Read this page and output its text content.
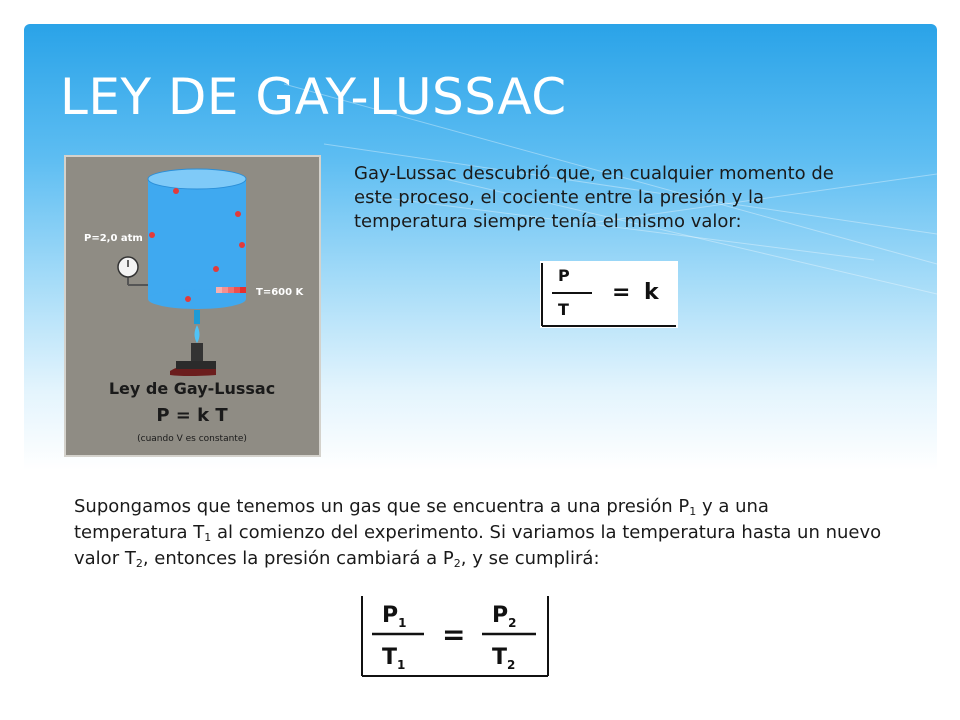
LEY DE GAY-LUSSAC
P=2,0 atm
T=600 K
Ley de Gay-Lussac
P = k T
(cuando V es constante)

Gay-Lussac descubrió que, en cualquier momento de este proceso, el cociente entre la presión y la temperatura siempre tenía el mismo valor:

P
T
= k

Supongamos que tenemos un gas que se encuentra a una presión $P_1$ y a una temperatura $T_1$ al comienzo del experimento. Si variamos la temperatura hasta un nuevo valor $T_2$, entonces la presión cambiará a $P_2$, y se cumplirá:

$P_1$
$T_1$
=
$P_2$
$T_2$
